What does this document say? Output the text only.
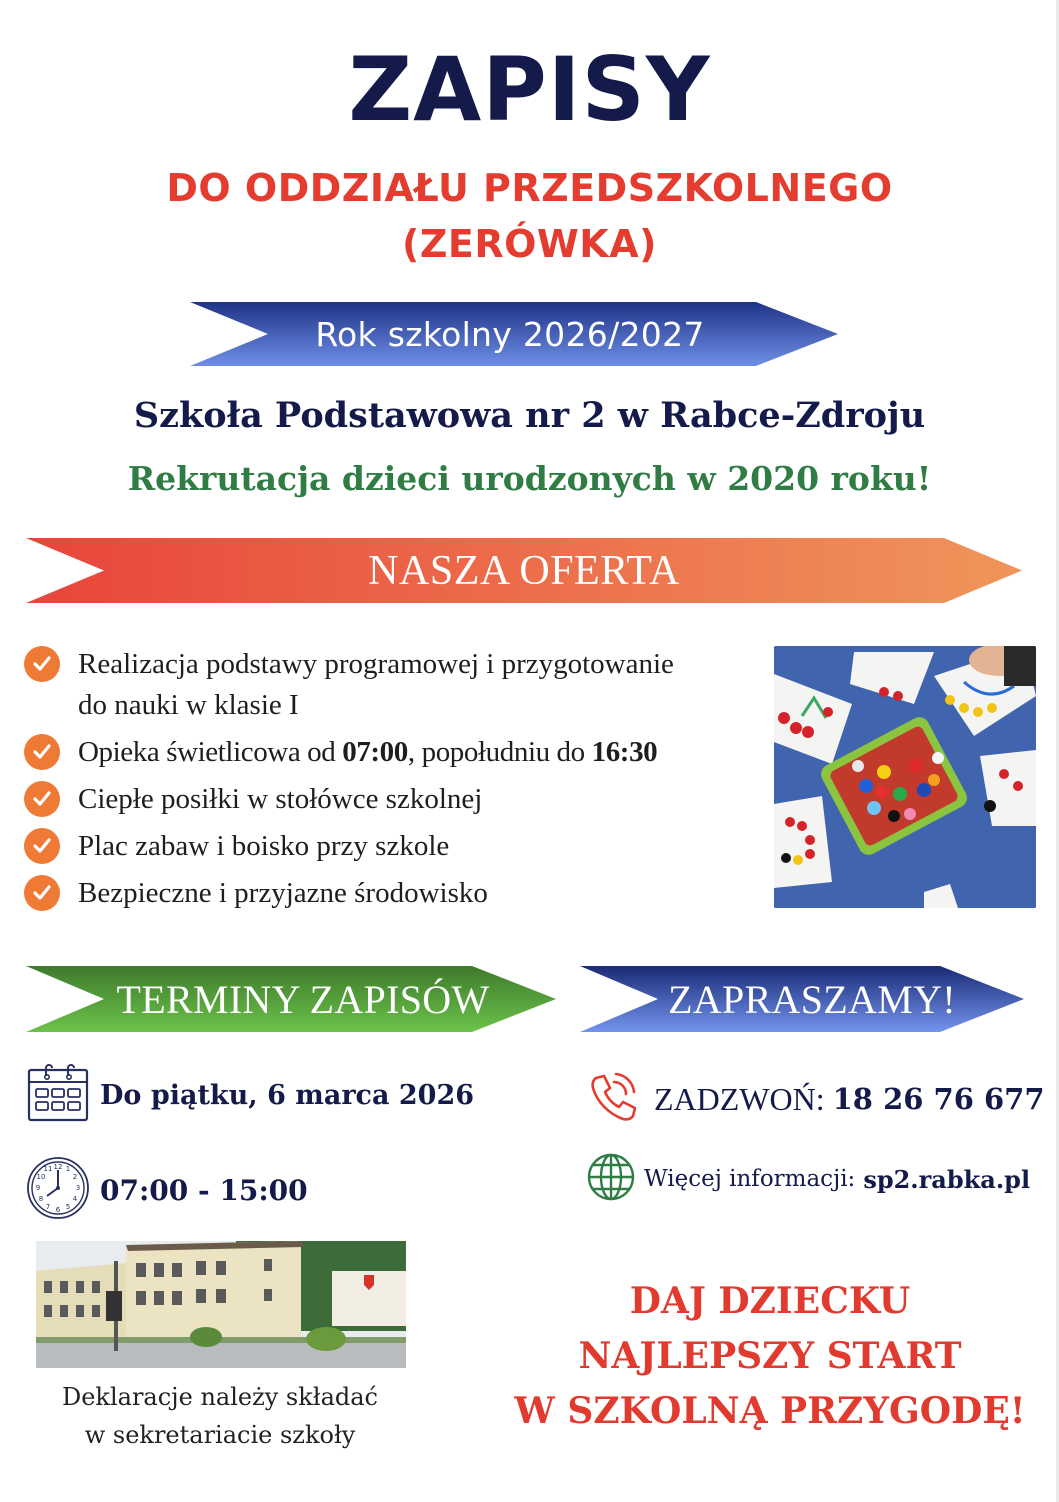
ZAPISY
DO ODDZIAŁU PRZEDSZKOLNEGO
(ZERÓWKA)
Rok szkolny 2026/2027
Szkoła Podstawowa nr 2 w Rabce-Zdroju
Rekrutacja dzieci urodzonych w 2020 roku!
NASZA OFERTA
Realizacja podstawy programowej i przygotowanie
do nauki w klasie I
Opieka świetlicowa od 07:00, popołudniu do 16:30
Ciepłe posiłki w stołówce szkolnej
Plac zabaw i boisko przy szkole
Bezpieczne i przyjazne środowisko
TERMINY ZAPISÓW	ZAPRASZAMY!
Do piątku, 6 marca 2026
12 1
2
3
4
5
6
7
8
9
10
11
07:00 - 15:00
ZADZWOŃ: 18 26 76 677
Więcej informacji: sp2.rabka.pl
Deklaracje należy składać
w sekretariacie szkoły
DAJ DZIECKU
NAJLEPSZY START
W SZKOLNĄ PRZYGODĘ!
